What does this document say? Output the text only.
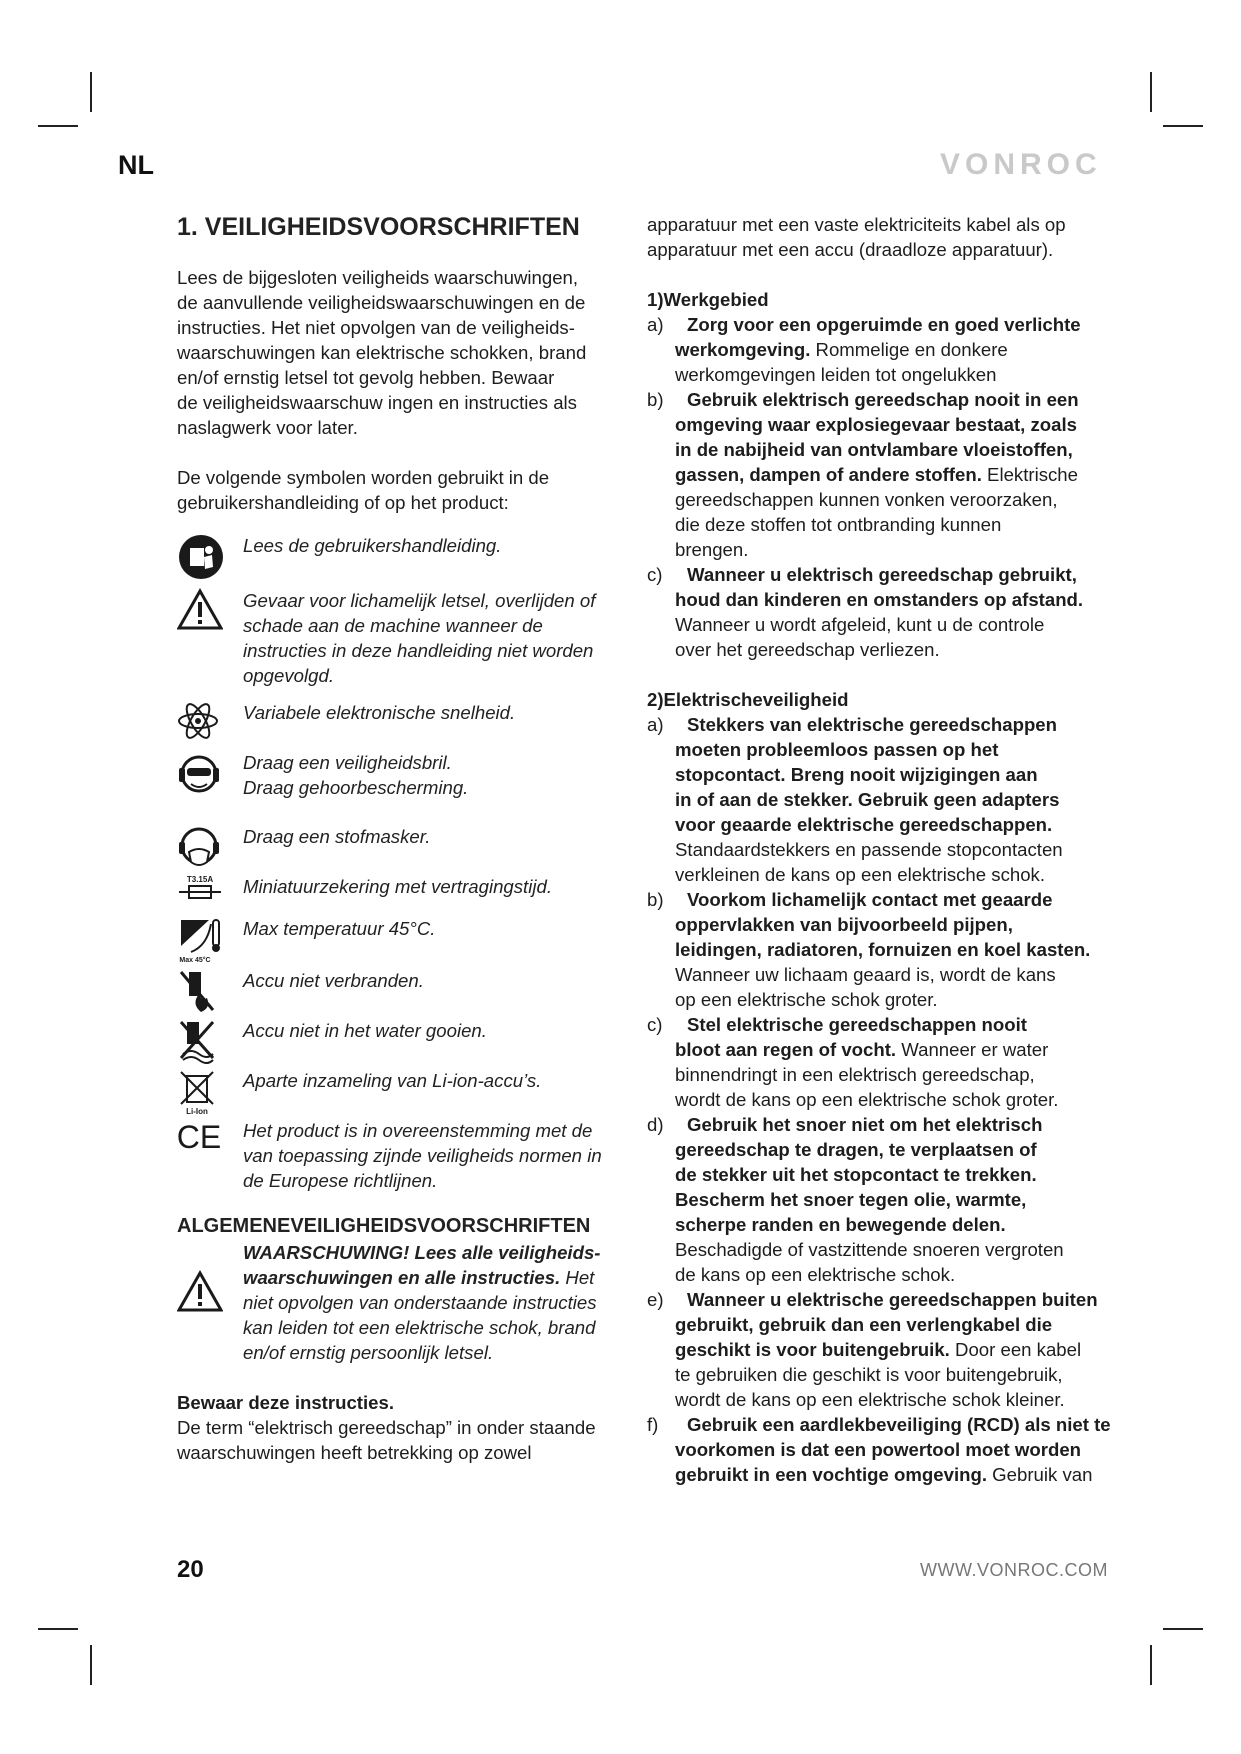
NL	VONROC
1. VEILIGHEIDSVOORSCHRIFTEN
Lees de bijgesloten veiligheids waarschuwingen,
de aanvullende veiligheidswaarschuwingen en de
instructies. Het niet opvolgen van de veiligheids-
waarschuwingen kan elektrische schokken, brand
en/of ernstig letsel tot gevolg hebben. Bewaar
de veiligheidswaarschuw ingen en instructies als
naslagwerk voor later.
De volgende symbolen worden gebruikt in de
gebruikershandleiding of op het product:
Lees de gebruikershandleiding.
Gevaar voor lichamelijk letsel, overlijden of
schade aan de machine wanneer de
instructies in deze handleiding niet worden
opgevolgd.
Variabele elektronische snelheid.
Draag een veiligheidsbril.
Draag gehoorbescherming.
Draag een stofmasker.
T3.15A Miniatuurzekering met vertragingstijd.
Max 45°C
Max temperatuur 45°C.
Accu niet verbranden.
Accu niet in het water gooien.
Li-Ion
Aparte inzameling van Li-ion-accu’s.
CE Het product is in overeenstemming met de
van toepassing zijnde veiligheids normen in
de Europese richtlijnen.
ALGEMENEVEILIGHEIDSVOORSCHRIFTEN
WAARSCHUWING! Lees alle veiligheids-
waarschuwingen en alle instructies. Het
niet opvolgen van onderstaande instructies
kan leiden tot een elektrische schok, brand
en/of ernstig persoonlijk letsel.
Bewaar deze instructies.
De term “elektrisch gereedschap” in onder staande
waarschuwingen heeft betrekking op zowel
apparatuur met een vaste elektriciteits kabel als op
apparatuur met een accu (draadloze apparatuur).
1)Werkgebied
a)	Zorg voor een opgeruimde en goed verlichte
werkomgeving. Rommelige en donkere
werkomgevingen leiden tot ongelukken
b)	Gebruik elektrisch gereedschap nooit in een
omgeving waar explosiegevaar bestaat, zoals
in de nabijheid van ontvlambare vloeistoffen,
gassen, dampen of andere stoffen. Elektrische
gereedschappen kunnen vonken veroorzaken,
die deze stoffen tot ontbranding kunnen
brengen.
c)	Wanneer u elektrisch gereedschap gebruikt,
houd dan kinderen en omstanders op afstand.
Wanneer u wordt afgeleid, kunt u de controle
over het gereedschap verliezen.
2)Elektrischeveiligheid
a)	Stekkers van elektrische gereedschappen
moeten probleemloos passen op het
stopcontact. Breng nooit wijzigingen aan
in of aan de stekker. Gebruik geen adapters
voor geaarde elektrische gereedschappen.
Standaardstekkers en passende stopcontacten
verkleinen de kans op een elektrische schok.
b)	Voorkom lichamelijk contact met geaarde
oppervlakken van bijvoorbeeld pijpen,
leidingen, radiatoren, fornuizen en koel kasten.
Wanneer uw lichaam geaard is, wordt de kans
op een elektrische schok groter.
c)	Stel elektrische gereedschappen nooit
bloot aan regen of vocht. Wanneer er water
binnendringt in een elektrisch gereedschap,
wordt de kans op een elektrische schok groter.
d)	Gebruik het snoer niet om het elektrisch
gereedschap te dragen, te verplaatsen of
de stekker uit het stopcontact te trekken.
Bescherm het snoer tegen olie, warmte,
scherpe randen en bewegende delen.
Beschadigde of vastzittende snoeren vergroten
de kans op een elektrische schok.
e)	Wanneer u elektrische gereedschappen buiten
gebruikt, gebruik dan een verlengkabel die
geschikt is voor buitengebruik. Door een kabel
te gebruiken die geschikt is voor buitengebruik,
wordt de kans op een elektrische schok kleiner.
f)	Gebruik een aardlekbeveiliging (RCD) als niet te
voorkomen is dat een powertool moet worden
gebruikt in een vochtige omgeving. Gebruik van
20	WWW.VONROC.COM
